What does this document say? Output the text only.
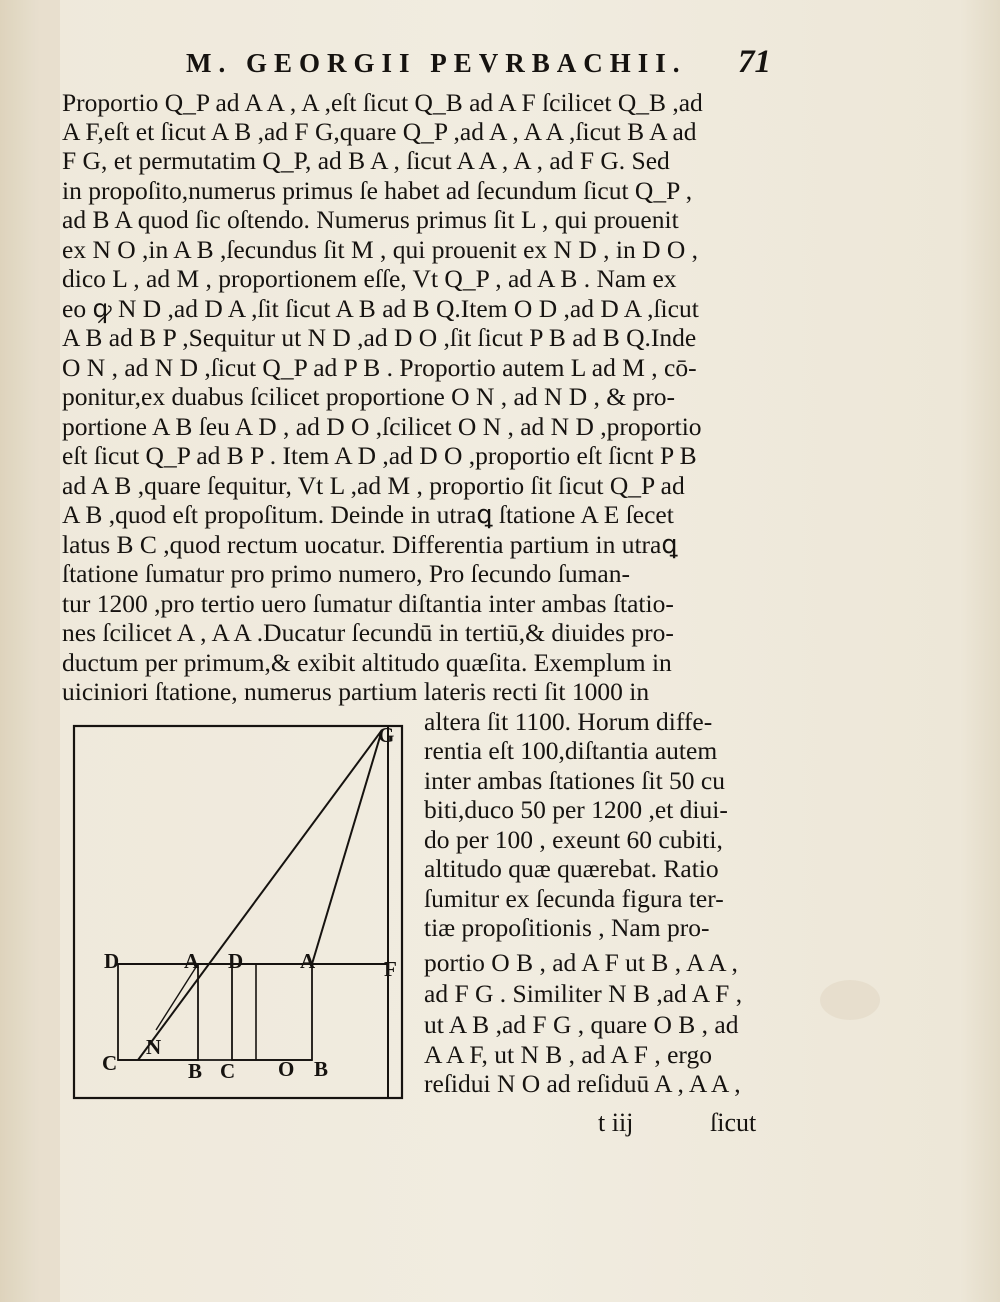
M. GEORGII PEVRBACHII. 71
Proportio Q_P ad A A , A ,eſt ſicut Q_B ad A F ſcilicet Q_B ,ad
A F,eſt et ſicut A B ,ad F G,quare Q_P ,ad A , A A ,ſicut B A ad
F G, et permutatim Q_P, ad B A , ſicut A A , A , ad F G. Sed
in propoſito,numerus primus ſe habet ad ſecundum ſicut Q_P ,
ad B A quod ſic oſtendo. Numerus primus ſit L , qui prouenit
ex N O ,in A B ,ſecundus ſit M , qui prouenit ex N D , in D O ,
dico L , ad M , proportionem eſſe, Vt Q_P , ad A B . Nam ex
eo ꝙ N D ,ad D A ,ſit ſicut A B ad B Q.Item O D ,ad D A ,ſicut
A B ad B P ,Sequitur ut N D ,ad D O ,ſit ſicut P B ad B Q.Inde
O N , ad N D ,ſicut Q_P ad P B . Proportio autem L ad M , cō-
ponitur,ex duabus ſcilicet proportione O N , ad N D , & pro-
portione A B ſeu A D , ad D O ,ſcilicet O N , ad N D ,proportio
eſt ſicut Q_P ad B P . Item A D ,ad D O ,proportio eſt ſicnt P B
ad A B ,quare ſequitur, Vt L ,ad M , proportio ſit ſicut Q_P ad
A B ,quod eſt propoſitum. Deinde in utraꝗ ſtatione A E ſecet
latus B C ,quod rectum uocatur. Differentia partium in utraꝗ
ſtatione ſumatur pro primo numero, Pro ſecundo ſuman-
tur 1200 ,pro tertio uero ſumatur diſtantia inter ambas ſtatio-
nes ſcilicet A , A A .Ducatur ſecundū in tertiū,& diuides pro-
ductum per primum,& exibit altitudo quæſita. Exemplum in
uiciniori ſtatione, numerus partium lateris recti ſit 1000 in
altera ſit 1100. Horum diffe-
rentia eſt 100,diſtantia autem
inter ambas ſtationes ſit 50 cu
biti,duco 50 per 1200 ,et diui-
do per 100 , exeunt 60 cubiti,
altitudo quæ quærebat. Ratio
ſumitur ex ſecunda figura ter-
tiæ propoſitionis , Nam pro-
portio O B , ad A F ut B , A A ,
ad F G . Similiter N B ,ad A F ,
ut A B ,ad F G , quare O B , ad
A A F, ut N B , ad A F , ergo
reſidui N O ad reſiduū A , A A ,
G
F
D	A D	A
C
N
B C O B
t iij	ſicut
